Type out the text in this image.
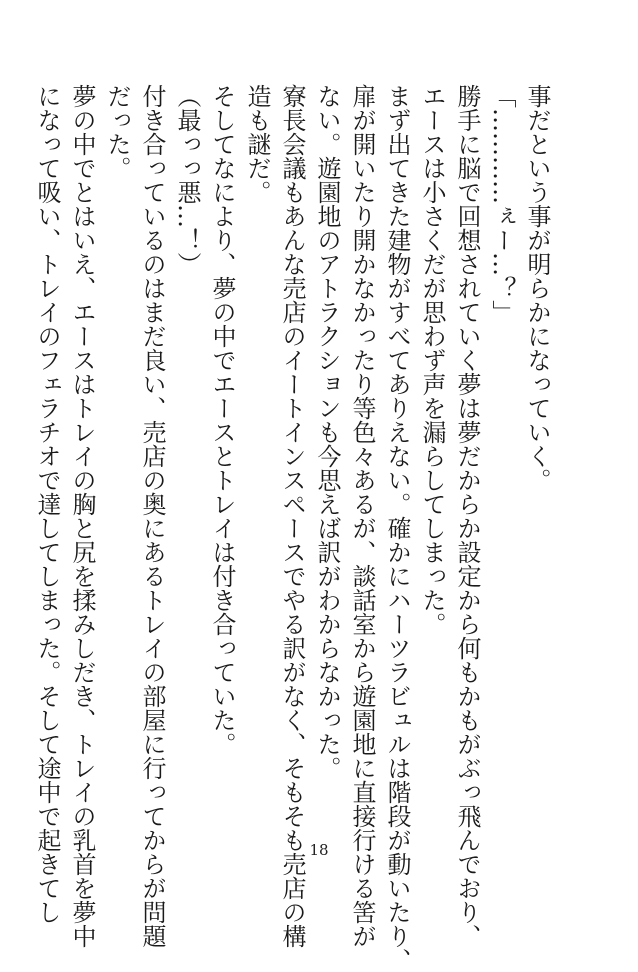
事だという事が明らかになっていく。

「…………ぇー…？」

勝手に脳で回想されていく夢は夢だからか設定から何もかもがぶっ飛んでおり、

エースは小さくだが思わず声を漏らしてしまった。

まず出てきた建物がすべてありえない。確かにハーツラビュルは階段が動いたり、

扉が開いたり開かなかったり等色々あるが、談話室から遊園地に直接行ける筈が

ない。遊園地のアトラクションも今思えば訳がわからなかった。

寮長会議もあんな売店のイートインスペースでやる訳がなく、そもそも売店の構

造も謎だ。

そしてなにより、夢の中でエースとトレイは付き合っていた。

（最っっ悪…！）

付き合っているのはまだ良い、売店の奥にあるトレイの部屋に行ってからが問題

だった。

夢の中でとはいえ、エースはトレイの胸と尻を揉みしだき、トレイの乳首を夢中

になって吸い、トレイのフェラチオで達してしまった。そして途中で起きてし	18
